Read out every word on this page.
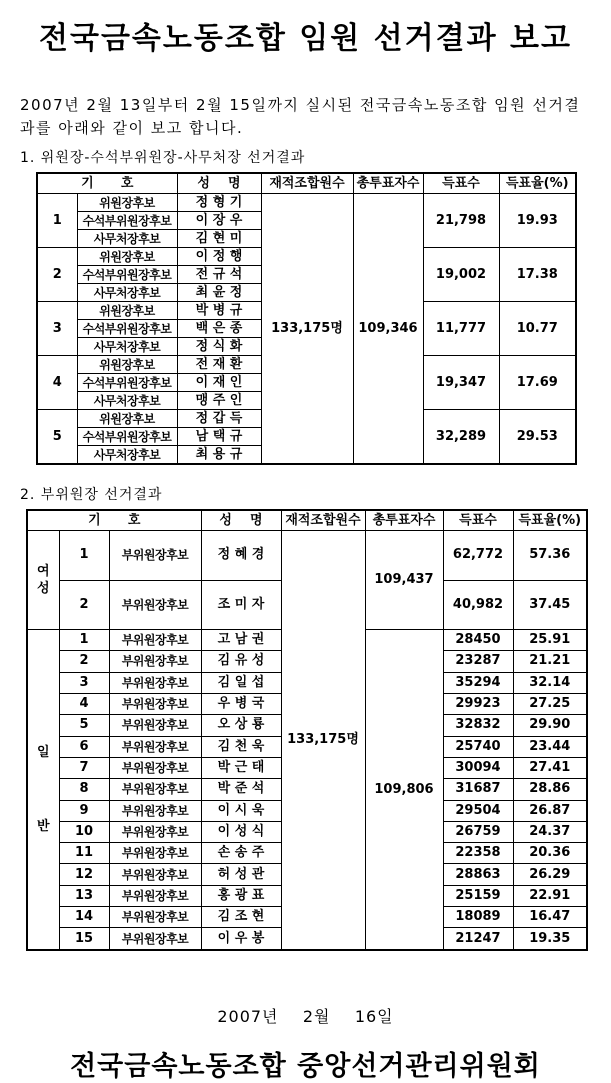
전국금속노동조합 임원 선거결과 보고
2007년 2월 13일부터 2월 15일까지 실시된 전국금속노동조합 임원 선거결과를 아래와 같이 보고 합니다.
1. 위원장-수석부위원장-사무처장 선거결과
기      호		성    명	재적조합원수	총투표자수	득표수	득표율(%)
1	위원장후보	정 형 기	133,175명	109,346	21,798	19.93
	수석부위원장후보	이 장 우				
	사무처장후보	김 현 미				
2	위원장후보	이 정 행			19,002	17.38
	수석부위원장후보	전 규 석				
	사무처장후보	최 윤 정				
3	위원장후보	박 병 규			11,777	10.77
	수석부위원장후보	백 은 종				
	사무처장후보	정 식 화				
4	위원장후보	전 재 환			19,347	17.69
	수석부위원장후보	이 재 인				
	사무처장후보	맹 주 인				
5	위원장후보	정 갑 득			32,289	29.53
	수석부위원장후보	남 택 규				
	사무처장후보	최 용 규				
2. 부위원장 선거결과
기      호			성    명	재적조합원수	총투표자수	득표수	득표율(%)

여
성	1	부위원장후보	정 혜 경	133,175명	109,437	62,772	57.36
	2	부위원장후보	조 미 자			40,982	37.45

일
반	1	부위원장후보	고 남 권		109,806	28450	25.91
	2	부위원장후보	김 유 성			23287	21.21
	3	부위원장후보	김 일 섭			35294	32.14
	4	부위원장후보	우 병 국			29923	27.25
	5	부위원장후보	오 상 룡			32832	29.90
	6	부위원장후보	김 천 욱			25740	23.44
	7	부위원장후보	박 근 태			30094	27.41
	8	부위원장후보	박 준 석			31687	28.86
	9	부위원장후보	이 시 욱			29504	26.87
	10	부위원장후보	이 성 식			26759	24.37
	11	부위원장후보	손 송 주			22358	20.36
	12	부위원장후보	허 성 관			28863	26.29
	13	부위원장후보	홍 광 표			25159	22.91
	14	부위원장후보	김 조 현			18089	16.47
	15	부위원장후보	이 우 봉			21247	19.35
2007년    2월    16일
전국금속노동조합 중앙선거관리위원회
